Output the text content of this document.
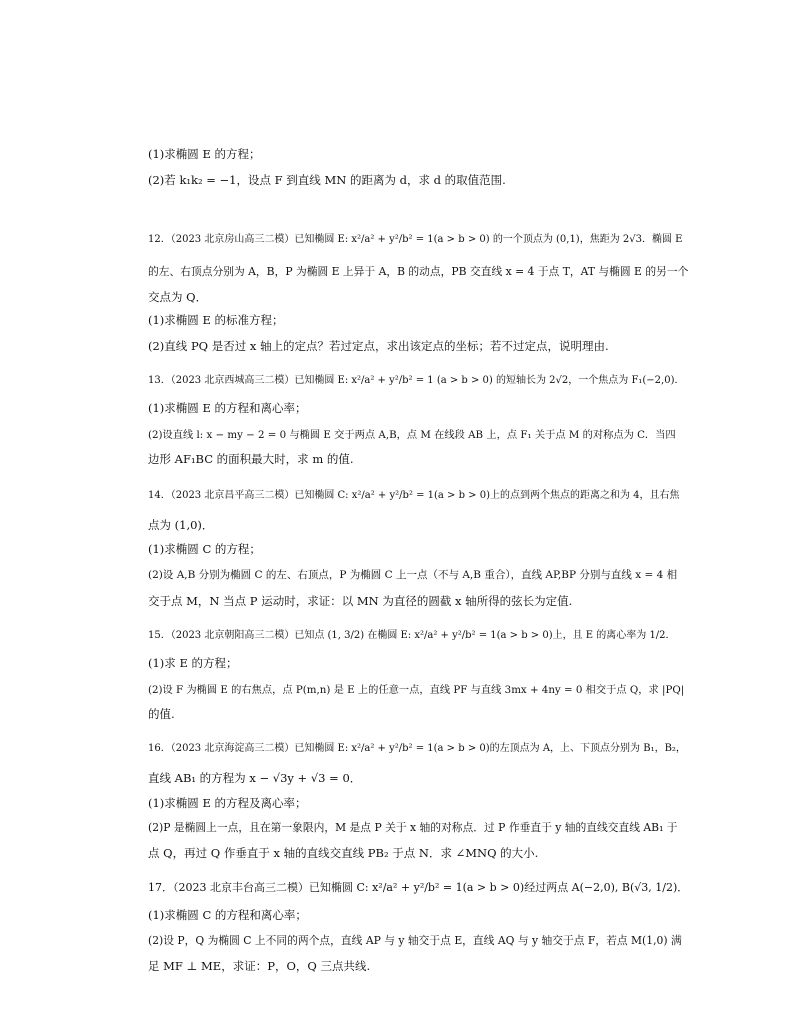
(1)求椭圆 E 的方程；
(2)若 k₁k₂ = −1，设点 F 到直线 MN 的距离为 d，求 d 的取值范围.
12．（2023 北京房山高三二模）已知椭圆 E: x²/a² + y²/b² = 1(a > b > 0) 的一个顶点为 (0,1)，焦距为 2√3．椭圆 E
的左、右顶点分别为 A，B，P 为椭圆 E 上异于 A，B 的动点，PB 交直线 x = 4 于点 T，AT 与椭圆 E 的另一个
交点为 Q．
(1)求椭圆 E 的标准方程；
(2)直线 PQ 是否过 x 轴上的定点？若过定点，求出该定点的坐标；若不过定点，说明理由.
13．（2023 北京西城高三二模）已知椭圆 E: x²/a² + y²/b² = 1 (a > b > 0) 的短轴长为 2√2，一个焦点为 F₁(−2,0)．
(1)求椭圆 E 的方程和离心率；
(2)设直线 l: x − my − 2 = 0 与椭圆 E 交于两点 A,B，点 M 在线段 AB 上，点 F₁ 关于点 M 的对称点为 C．当四
边形 AF₁BC 的面积最大时，求 m 的值.
14．（2023 北京昌平高三二模）已知椭圆 C: x²/a² + y²/b² = 1(a > b > 0)上的点到两个焦点的距离之和为 4，且右焦
点为 (1,0)．
(1)求椭圆 C 的方程；
(2)设 A,B 分别为椭圆 C 的左、右顶点，P 为椭圆 C 上一点（不与 A,B 重合），直线 AP,BP 分别与直线 x = 4 相
交于点 M，N 当点 P 运动时，求证：以 MN 为直径的圆截 x 轴所得的弦长为定值.
15．（2023 北京朝阳高三二模）已知点 (1, 3/2) 在椭圆 E: x²/a² + y²/b² = 1(a > b > 0)上，且 E 的离心率为 1/2．
(1)求 E 的方程；
(2)设 F 为椭圆 E 的右焦点，点 P(m,n) 是 E 上的任意一点，直线 PF 与直线 3mx + 4ny = 0 相交于点 Q，求 |PQ|
的值.
16．（2023 北京海淀高三二模）已知椭圆 E: x²/a² + y²/b² = 1(a > b > 0)的左顶点为 A，上、下顶点分别为 B₁，B₂，
直线 AB₁ 的方程为 x − √3y + √3 = 0．
(1)求椭圆 E 的方程及离心率；
(2)P 是椭圆上一点，且在第一象限内，M 是点 P 关于 x 轴的对称点．过 P 作垂直于 y 轴的直线交直线 AB₁ 于
点 Q，再过 Q 作垂直于 x 轴的直线交直线 PB₂ 于点 N．求 ∠MNQ 的大小.
17．（2023 北京丰台高三二模）已知椭圆 C: x²/a² + y²/b² = 1(a > b > 0)经过两点 A(−2,0), B(√3, 1/2)．
(1)求椭圆 C 的方程和离心率；
(2)设 P，Q 为椭圆 C 上不同的两个点，直线 AP 与 y 轴交于点 E，直线 AQ 与 y 轴交于点 F，若点 M(1,0) 满
足 MF ⊥ ME，求证：P，O，Q 三点共线.
